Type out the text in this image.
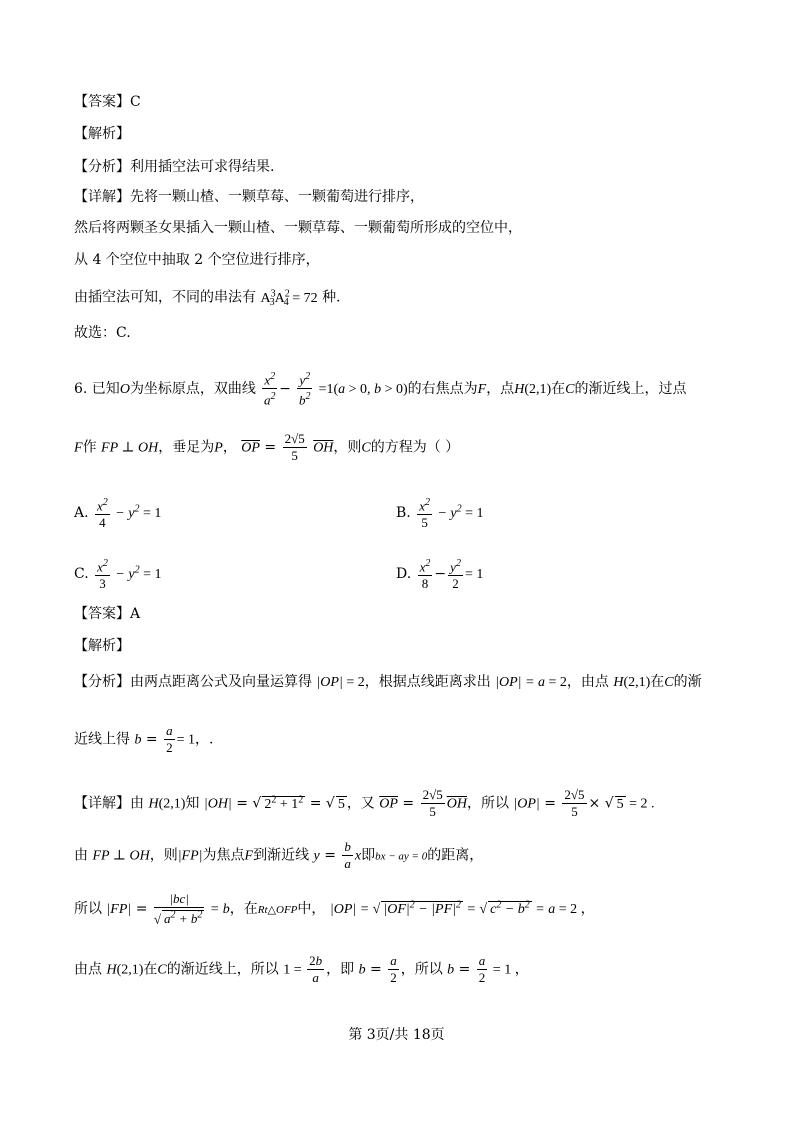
【答案】C
【解析】
【分析】利用插空法可求得结果.
【详解】先将一颗山楂、一颗草莓、一颗葡萄进行排序，
然后将两颗圣女果插入一颗山楂、一颗草莓、一颗葡萄所形成的空位中，
从 4 个空位中抽取 2 个空位进行排序，
由插空法可知，不同的串法有 $A^3_3A^2_4 = 72$ 种.
故选：C.
6. 已知O为坐标原点，双曲线 $\frac{x^2}{a^2} - \frac{y^2}{b^2} =1(a > 0$, b > 0)的右焦点为F，点H(2,1)在C的渐近线上，过点
F作 FP ⊥ OH，垂足为P， $\overline{OP} = \frac{2√5}{5} \overline{OH}$，则C的方程为（ ）
A. $\frac{x^2}{4} - y^2 = 1$	B. $\frac{x^2}{5} - y^2 = 1$
C. $\frac{x^2}{3} - y^2 = 1$	D. $\frac{x^2}{8} - \frac{y^2}{2} = 1$
【答案】A
【解析】
【分析】由两点距离公式及向量运算得 |OP| = 2，根据点线距离求出 |OP| = a = 2，由点 H(2,1)在C的渐
近线上得 $b = \frac{a}{2} = 1$，.
【详解】由 H(2,1)知 |OH| = √ $2^2 + 1^2$ = √ 5 ，又 $\overline{OP} = \frac{2√5}{5} \overline{OH}$，所以 $|OP| = \frac{2√5}{5}$ × √ 5 = 2 .
由 FP ⊥ OH，则|FP|为焦点F到渐近线 $y = \frac{b}{a}$ x即bx − ay = 0的距离，
所以 $|FP| = \frac{|bc|}{√ a^2 + b^2} = b$，在Rt△OFP中， |OP| = √ $|OF|^2 - |PF|^2$ = √ $c^2 - b^2 = a = 2$ ，
由点 H(2,1)在C的渐近线上，所以 $1 = \frac{2b}{a}$ ，即 $b = \frac{a}{2}$ ，所以 $b = \frac{a}{2} = 1$ ，
第 3页/共 18页
